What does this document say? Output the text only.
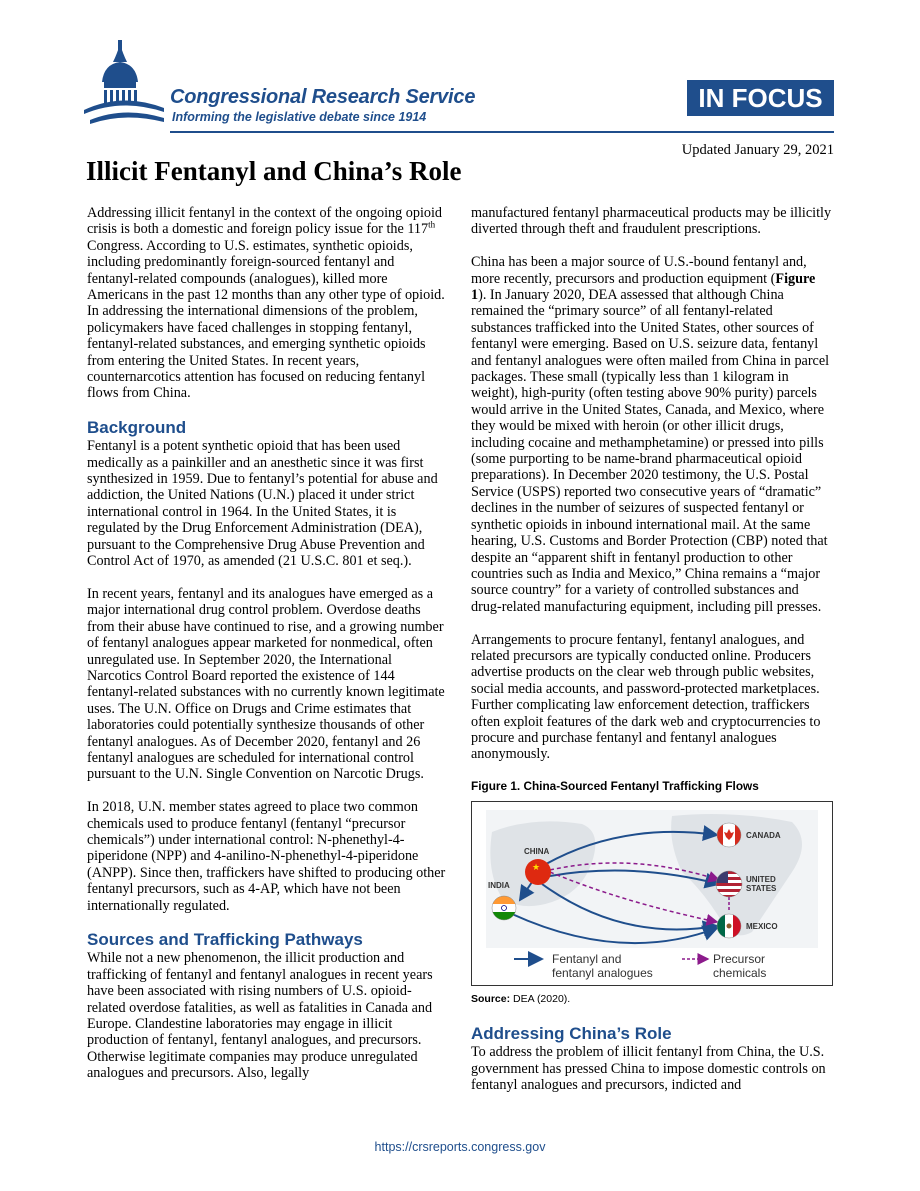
Congressional Research Service
Informing the legislative debate since 1914
IN FOCUS
Updated January 29, 2021
Illicit Fentanyl and China’s Role

Addressing illicit fentanyl in the context of the ongoing opioid crisis is both a domestic and foreign policy issue for the 117th Congress. According to U.S. estimates, synthetic opioids, including predominantly foreign-sourced fentanyl and fentanyl-related compounds (analogues), killed more Americans in the past 12 months than any other type of opioid. In addressing the international dimensions of the problem, policymakers have faced challenges in stopping fentanyl, fentanyl-related substances, and emerging synthetic opioids from entering the United States. In recent years, counternarcotics attention has focused on reducing fentanyl flows from China.

Background

Fentanyl is a potent synthetic opioid that has been used medically as a painkiller and an anesthetic since it was first synthesized in 1959. Due to fentanyl’s potential for abuse and addiction, the United Nations (U.N.) placed it under strict international control in 1964. In the United States, it is regulated by the Drug Enforcement Administration (DEA), pursuant to the Comprehensive Drug Abuse Prevention and Control Act of 1970, as amended (21 U.S.C. 801 et seq.).

In recent years, fentanyl and its analogues have emerged as a major international drug control problem. Overdose deaths from their abuse have continued to rise, and a growing number of fentanyl analogues appear marketed for nonmedical, often unregulated use. In September 2020, the International Narcotics Control Board reported the existence of 144 fentanyl-related substances with no currently known legitimate uses. The U.N. Office on Drugs and Crime estimates that laboratories could potentially synthesize thousands of other fentanyl analogues. As of December 2020, fentanyl and 26 fentanyl analogues are scheduled for international control pursuant to the U.N. Single Convention on Narcotic Drugs.

In 2018, U.N. member states agreed to place two common chemicals used to produce fentanyl (fentanyl “precursor chemicals”) under international control: N-phenethyl-4-piperidone (NPP) and 4-anilino-N-phenethyl-4-piperidone (ANPP). Since then, traffickers have shifted to producing other fentanyl precursors, such as 4-AP, which have not been internationally regulated.

Sources and Trafficking Pathways

While not a new phenomenon, the illicit production and trafficking of fentanyl and fentanyl analogues in recent years have been associated with rising numbers of U.S. opioid-related overdose fatalities, as well as fatalities in Canada and Europe. Clandestine laboratories may engage in illicit production of fentanyl, fentanyl analogues, and precursors. Otherwise legitimate companies may produce unregulated analogues and precursors. Also, legally

manufactured fentanyl pharmaceutical products may be illicitly diverted through theft and fraudulent prescriptions.

China has been a major source of U.S.-bound fentanyl and, more recently, precursors and production equipment (Figure 1). In January 2020, DEA assessed that although China remained the “primary source” of all fentanyl-related substances trafficked into the United States, other sources of fentanyl were emerging. Based on U.S. seizure data, fentanyl and fentanyl analogues were often mailed from China in parcel packages. These small (typically less than 1 kilogram in weight), high-purity (often testing above 90% purity) parcels would arrive in the United States, Canada, and Mexico, where they would be mixed with heroin (or other illicit drugs, including cocaine and methamphetamine) or pressed into pills (some purporting to be name-brand pharmaceutical opioid preparations). In December 2020 testimony, the U.S. Postal Service (USPS) reported two consecutive years of “dramatic” declines in the number of seizures of suspected fentanyl or synthetic opioids in inbound international mail. At the same hearing, U.S. Customs and Border Protection (CBP) noted that despite an “apparent shift in fentanyl production to other countries such as India and Mexico,” China remains a “major source country” for a variety of controlled substances and drug-related manufacturing equipment, including pill presses.

Arrangements to procure fentanyl, fentanyl analogues, and related precursors are typically conducted online. Producers advertise products on the clear web through public websites, social media accounts, and password-protected marketplaces. Further complicating law enforcement detection, traffickers often exploit features of the dark web and cryptocurrencies to procure and purchase fentanyl and fentanyl analogues anonymously.

Figure 1. China-Sourced Fentanyl Trafficking Flows
★
CHINA
INDIA
CANADA
UNITED
STATES
MEXICO
Fentanyl and
fentanyl analogues
Precursor
chemicals
Source: DEA (2020).
Addressing China’s Role

To address the problem of illicit fentanyl from China, the U.S. government has pressed China to impose domestic controls on fentanyl analogues and precursors, indicted and

https://crsreports.congress.gov
